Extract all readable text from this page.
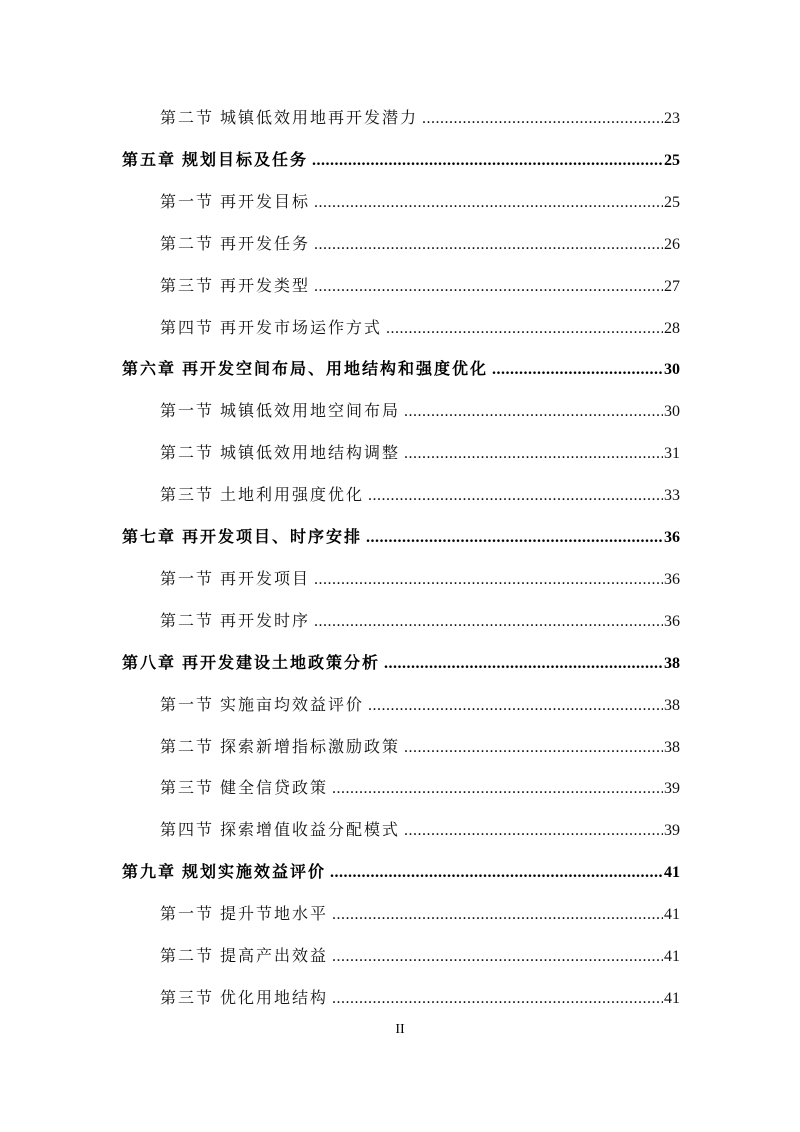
第二节 城镇低效用地再开发潜力 .....	23
第五章 规划目标及任务 .....	25
第一节 再开发目标 .....	25
第二节 再开发任务 .....	26
第三节 再开发类型 .....	27
第四节 再开发市场运作方式 .....	28
第六章 再开发空间布局、用地结构和强度优化 .....	30
第一节 城镇低效用地空间布局 .....	30
第二节 城镇低效用地结构调整 .....	31
第三节 土地利用强度优化 .....	33
第七章 再开发项目、时序安排 .....	36
第一节 再开发项目 .....	36
第二节 再开发时序 .....	36
第八章 再开发建设土地政策分析 .....	38
第一节 实施亩均效益评价 .....	38
第二节 探索新增指标激励政策 .....	38
第三节 健全信贷政策 .....	39
第四节 探索增值收益分配模式 .....	39
第九章 规划实施效益评价 .....	41
第一节 提升节地水平 .....	41
第二节 提高产出效益 .....	41
第三节 优化用地结构 .....	41
II
